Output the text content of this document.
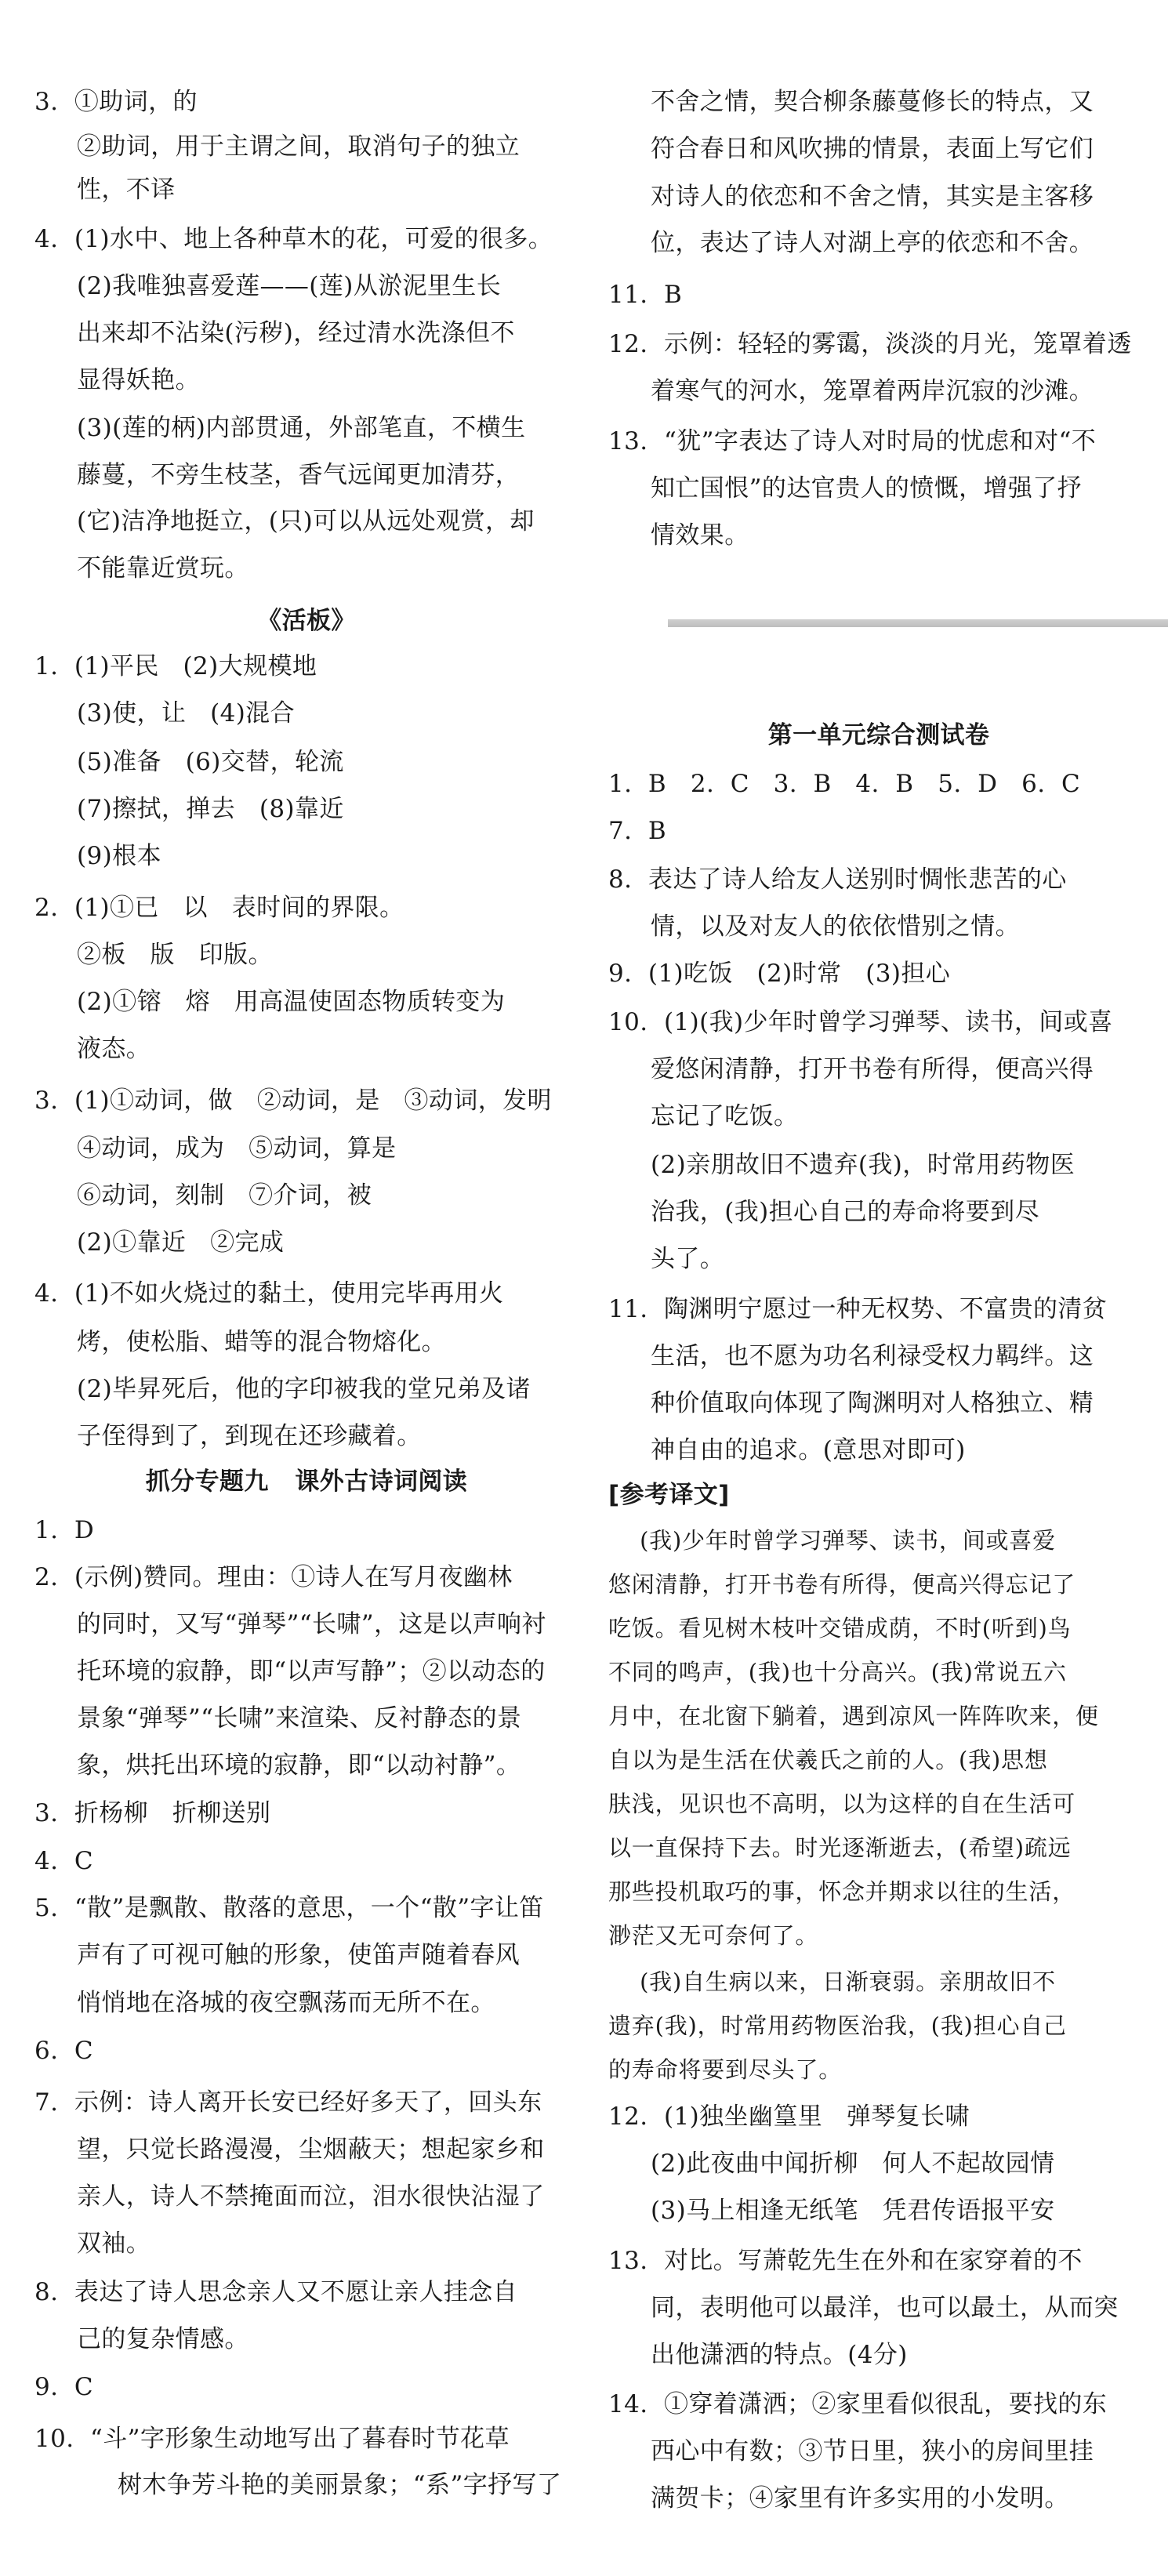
3.  ①助词，的
②助词，用于主谓之间，取消句子的独立
性，不译
4.  (1)水中、地上各种草木的花，可爱的很多。
(2)我唯独喜爱莲——(莲)从淤泥里生长
出来却不沾染(污秽)，经过清水洗涤但不
显得妖艳。
(3)(莲的柄)内部贯通，外部笔直，不横生
藤蔓，不旁生枝茎，香气远闻更加清芬，
(它)洁净地挺立，(只)可以从远处观赏，却
不能靠近赏玩。
《活板》
1.  (1)平民   (2)大规模地
(3)使，让   (4)混合
(5)准备   (6)交替，轮流
(7)擦拭，掸去   (8)靠近
(9)根本
2.  (1)①已   以   表时间的界限。
②板   版   印版。
(2)①镕   熔   用高温使固态物质转变为
液态。
3.  (1)①动词，做   ②动词，是   ③动词，发明
④动词，成为   ⑤动词，算是
⑥动词，刻制   ⑦介词，被
(2)①靠近   ②完成
4.  (1)不如火烧过的黏土，使用完毕再用火
烤，使松脂、蜡等的混合物熔化。
(2)毕昇死后，他的字印被我的堂兄弟及诸
子侄得到了，到现在还珍藏着。
抓分专题九   课外古诗词阅读
1.  D
2.  (示例)赞同。理由：①诗人在写月夜幽林
的同时，又写“弹琴”“长啸”，这是以声响衬
托环境的寂静，即“以声写静”；②以动态的
景象“弹琴”“长啸”来渲染、反衬静态的景
象，烘托出环境的寂静，即“以动衬静”。
3.  折杨柳   折柳送别
4.  C
5.  “散”是飘散、散落的意思，一个“散”字让笛
声有了可视可触的形象，使笛声随着春风
悄悄地在洛城的夜空飘荡而无所不在。
6.  C
7.  示例：诗人离开长安已经好多天了，回头东
望，只觉长路漫漫，尘烟蔽天；想起家乡和
亲人，诗人不禁掩面而泣，泪水很快沾湿了
双袖。
8.  表达了诗人思念亲人又不愿让亲人挂念自
己的复杂情感。
9.  C
10.  “斗”字形象生动地写出了暮春时节花草
树木争芳斗艳的美丽景象；“系”字抒写了
不舍之情，契合柳条藤蔓修长的特点，又
符合春日和风吹拂的情景，表面上写它们
对诗人的依恋和不舍之情，其实是主客移
位，表达了诗人对湖上亭的依恋和不舍。
11.  B
12.  示例：轻轻的雾霭，淡淡的月光，笼罩着透
着寒气的河水，笼罩着两岸沉寂的沙滩。
13.  “犹”字表达了诗人对时局的忧虑和对“不
知亡国恨”的达官贵人的愤慨，增强了抒
情效果。
第一单元综合测试卷
1.  B   2.  C   3.  B   4.  B   5.  D   6.  C
7.  B
8.  表达了诗人给友人送别时惆怅悲苦的心
情，以及对友人的依依惜别之情。
9.  (1)吃饭   (2)时常   (3)担心
10.  (1)(我)少年时曾学习弹琴、读书，间或喜
爱悠闲清静，打开书卷有所得，便高兴得
忘记了吃饭。
(2)亲朋故旧不遗弃(我)，时常用药物医
治我，(我)担心自己的寿命将要到尽
头了。
11.  陶渊明宁愿过一种无权势、不富贵的清贫
生活，也不愿为功名利禄受权力羁绊。这
种价值取向体现了陶渊明对人格独立、精
神自由的追求。(意思对即可)
[参考译文]
(我)少年时曾学习弹琴、读书，间或喜爱
悠闲清静，打开书卷有所得，便高兴得忘记了
吃饭。看见树木枝叶交错成荫，不时(听到)鸟
不同的鸣声，(我)也十分高兴。(我)常说五六
月中，在北窗下躺着，遇到凉风一阵阵吹来，便
自以为是生活在伏羲氏之前的人。(我)思想
肤浅，见识也不高明，以为这样的自在生活可
以一直保持下去。时光逐渐逝去，(希望)疏远
那些投机取巧的事，怀念并期求以往的生活，
渺茫又无可奈何了。
(我)自生病以来，日渐衰弱。亲朋故旧不
遗弃(我)，时常用药物医治我，(我)担心自己
的寿命将要到尽头了。
12.  (1)独坐幽篁里   弹琴复长啸
(2)此夜曲中闻折柳   何人不起故园情
(3)马上相逢无纸笔   凭君传语报平安
13.  对比。写萧乾先生在外和在家穿着的不
同，表明他可以最洋，也可以最土，从而突
出他潇洒的特点。(4分)
14.  ①穿着潇洒；②家里看似很乱，要找的东
西心中有数；③节日里，狭小的房间里挂
满贺卡；④家里有许多实用的小发明。
